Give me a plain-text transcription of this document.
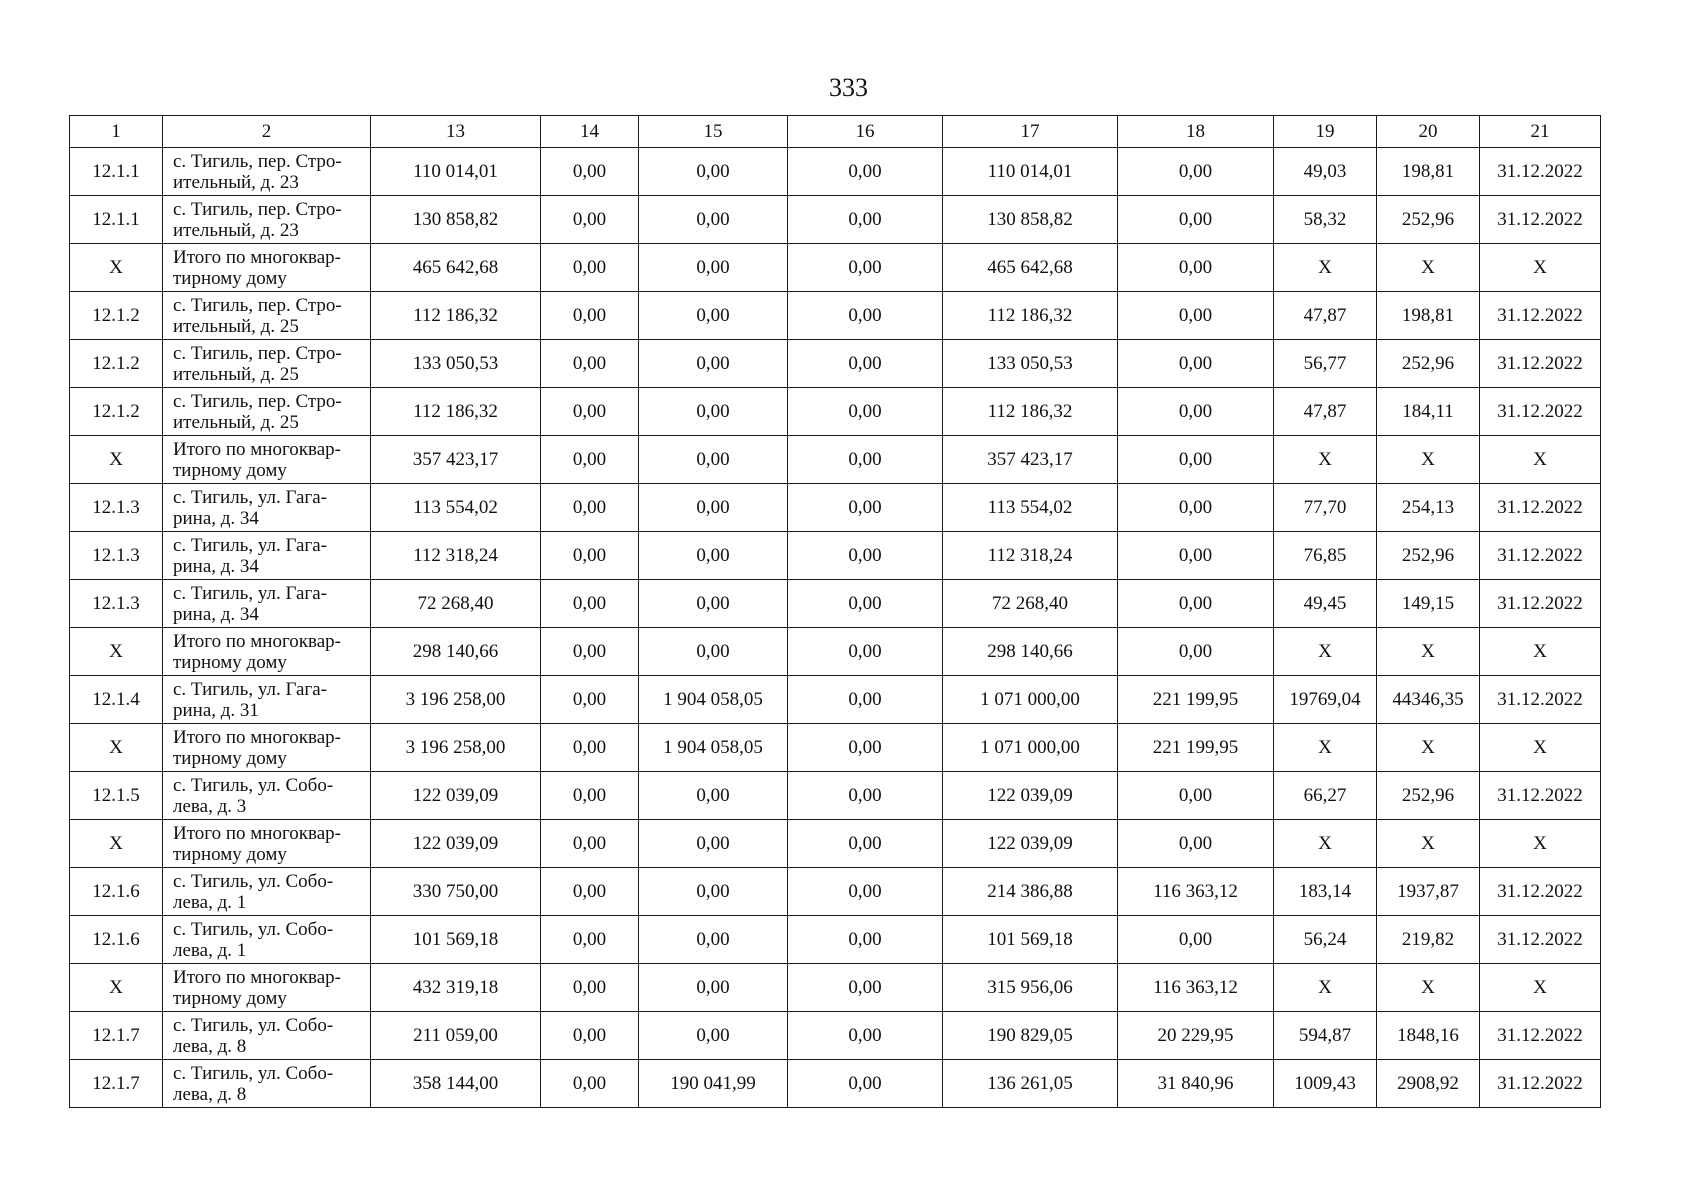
333
1	2	13	14	15	16	17	18	19	20	21
12.1.1	с. Тигиль, пер. Стро-
ительный, д. 23	110 014,01	0,00	0,00	0,00	110 014,01	0,00	49,03	198,81	31.12.2022
12.1.1	с. Тигиль, пер. Стро-
ительный, д. 23	130 858,82	0,00	0,00	0,00	130 858,82	0,00	58,32	252,96	31.12.2022
Х	Итого по многоквар-
тирному дому	465 642,68	0,00	0,00	0,00	465 642,68	0,00	Х	Х	Х
12.1.2	с. Тигиль, пер. Стро-
ительный, д. 25	112 186,32	0,00	0,00	0,00	112 186,32	0,00	47,87	198,81	31.12.2022
12.1.2	с. Тигиль, пер. Стро-
ительный, д. 25	133 050,53	0,00	0,00	0,00	133 050,53	0,00	56,77	252,96	31.12.2022
12.1.2	с. Тигиль, пер. Стро-
ительный, д. 25	112 186,32	0,00	0,00	0,00	112 186,32	0,00	47,87	184,11	31.12.2022
Х	Итого по многоквар-
тирному дому	357 423,17	0,00	0,00	0,00	357 423,17	0,00	Х	Х	Х
12.1.3	с. Тигиль, ул. Гага-
рина, д. 34	113 554,02	0,00	0,00	0,00	113 554,02	0,00	77,70	254,13	31.12.2022
12.1.3	с. Тигиль, ул. Гага-
рина, д. 34	112 318,24	0,00	0,00	0,00	112 318,24	0,00	76,85	252,96	31.12.2022
12.1.3	с. Тигиль, ул. Гага-
рина, д. 34	72 268,40	0,00	0,00	0,00	72 268,40	0,00	49,45	149,15	31.12.2022
Х	Итого по многоквар-
тирному дому	298 140,66	0,00	0,00	0,00	298 140,66	0,00	Х	Х	Х
12.1.4	с. Тигиль, ул. Гага-
рина, д. 31	3 196 258,00	0,00	1 904 058,05	0,00	1 071 000,00	221 199,95	19769,04	44346,35	31.12.2022
Х	Итого по многоквар-
тирному дому	3 196 258,00	0,00	1 904 058,05	0,00	1 071 000,00	221 199,95	Х	Х	Х
12.1.5	с. Тигиль, ул. Собо-
лева, д. 3	122 039,09	0,00	0,00	0,00	122 039,09	0,00	66,27	252,96	31.12.2022
Х	Итого по многоквар-
тирному дому	122 039,09	0,00	0,00	0,00	122 039,09	0,00	Х	Х	Х
12.1.6	с. Тигиль, ул. Собо-
лева, д. 1	330 750,00	0,00	0,00	0,00	214 386,88	116 363,12	183,14	1937,87	31.12.2022
12.1.6	с. Тигиль, ул. Собо-
лева, д. 1	101 569,18	0,00	0,00	0,00	101 569,18	0,00	56,24	219,82	31.12.2022
Х	Итого по многоквар-
тирному дому	432 319,18	0,00	0,00	0,00	315 956,06	116 363,12	Х	Х	Х
12.1.7	с. Тигиль, ул. Собо-
лева, д. 8	211 059,00	0,00	0,00	0,00	190 829,05	20 229,95	594,87	1848,16	31.12.2022
12.1.7	с. Тигиль, ул. Собо-
лева, д. 8	358 144,00	0,00	190 041,99	0,00	136 261,05	31 840,96	1009,43	2908,92	31.12.2022
